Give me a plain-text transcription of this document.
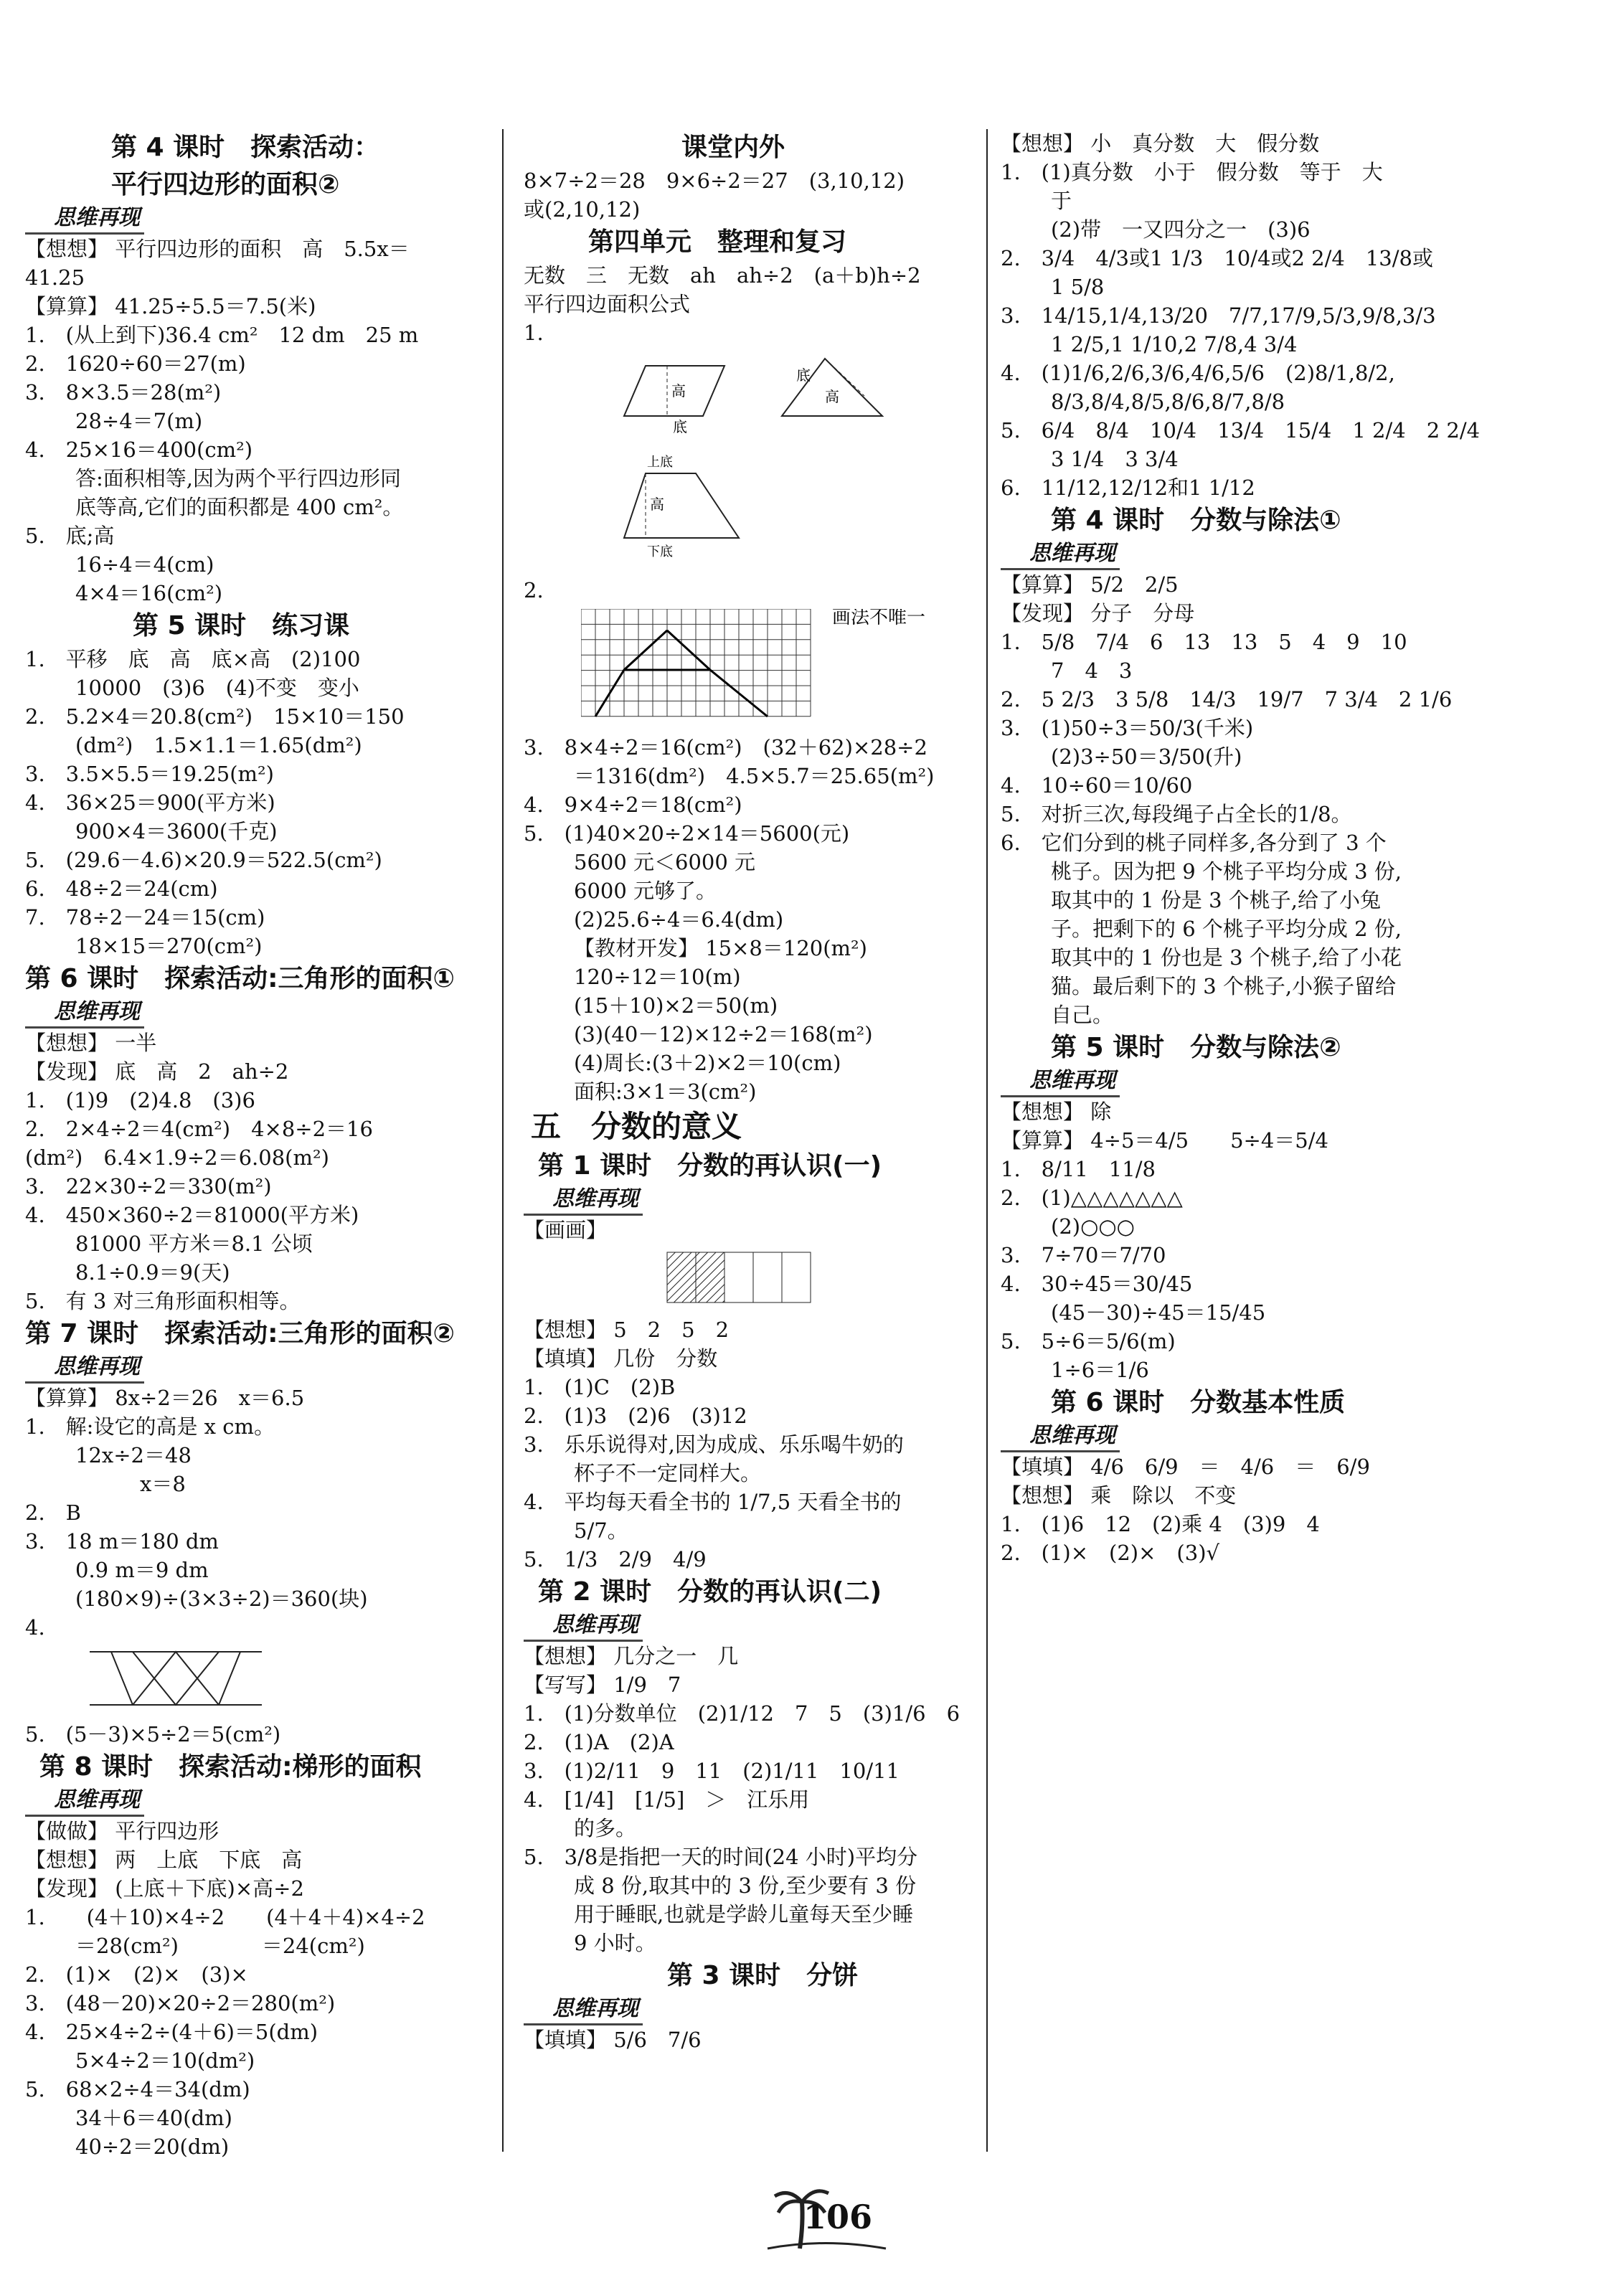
第 4 课时　探索活动：
平行四边形的面积②
思维再现
【想想】 平行四边形的面积　高　5.5x＝
41.25
【算算】 41.25÷5.5＝7.5(米)
1.　(从上到下)36.4 cm²　12 dm　25 m
2.　1620÷60＝27(m)
3.　8×3.5＝28(m²)
28÷4＝7(m)
4.　25×16＝400(cm²)
答:面积相等,因为两个平行四边形同
底等高,它们的面积都是 400 cm²。
5.　底;高
16÷4＝4(cm)
4×4＝16(cm²)
第 5 课时　练习课
1.　平移　底　高　底×高　(2)100
10000　(3)6　(4)不变　变小
2.　5.2×4＝20.8(cm²)　15×10＝150
(dm²)　1.5×1.1＝1.65(dm²)
3.　3.5×5.5＝19.25(m²)
4.　36×25＝900(平方米)
900×4＝3600(千克)
5.　(29.6－4.6)×20.9＝522.5(cm²)
6.　48÷2＝24(cm)
7.　78÷2－24＝15(cm)
18×15＝270(cm²)
第 6 课时　探索活动:三角形的面积①
思维再现
【想想】 一半
【发现】 底　高　2　ah÷2
1.　(1)9　(2)4.8　(3)6
2.　2×4÷2＝4(cm²)　4×8÷2＝16
(dm²)　6.4×1.9÷2＝6.08(m²)
3.　22×30÷2＝330(m²)
4.　450×360÷2＝81000(平方米)
81000 平方米＝8.1 公顷
8.1÷0.9＝9(天)
5.　有 3 对三角形面积相等。
第 7 课时　探索活动:三角形的面积②
思维再现
【算算】 8x÷2＝26　x＝6.5
1.　解:设它的高是 x cm。
12x÷2＝48
x＝8
2.　B
3.　18 m＝180 dm
0.9 m＝9 dm
(180×9)÷(3×3÷2)＝360(块)
4.
5.　(5－3)×5÷2＝5(cm²)
第 8 课时　探索活动:梯形的面积
思维再现
【做做】 平行四边形
【想想】 两　上底　下底　高
【发现】 (上底＋下底)×高÷2
1.　　(4＋10)×4÷2　　(4＋4＋4)×4÷2
＝28(cm²)　　　　＝24(cm²)
2.　(1)×　(2)×　(3)×
3.　(48－20)×20÷2＝280(m²)
4.　25×4÷2÷(4＋6)＝5(dm)
5×4÷2＝10(dm²)
5.　68×2÷4＝34(dm)
34＋6＝40(dm)
40÷2＝20(dm)
课堂内外
8×7÷2＝28　9×6÷2＝27　(3,10,12)
或(2,10,12)
第四单元　整理和复习
无数　三　无数　ah　ah÷2　(a＋b)h÷2
平行四边面积公式
1.
高
底
高
底
上底
高
下底
2.
画法不唯一
3.　8×4÷2＝16(cm²)　(32＋62)×28÷2
＝1316(dm²)　4.5×5.7＝25.65(m²)
4.　9×4÷2＝18(cm²)
5.　(1)40×20÷2×14＝5600(元)
5600 元＜6000 元
6000 元够了。
(2)25.6÷4＝6.4(dm)
【教材开发】 15×8＝120(m²)
120÷12＝10(m)
(15＋10)×2＝50(m)
(3)(40－12)×12÷2＝168(m²)
(4)周长:(3＋2)×2＝10(cm)
面积:3×1＝3(cm²)
五　分数的意义
第 1 课时　分数的再认识(一)
思维再现
【画画】
【想想】 5　2　5　2
【填填】 几份　分数
1.　(1)C　(2)B
2.　(1)3　(2)6　(3)12
3.　乐乐说得对,因为成成、乐乐喝牛奶的
杯子不一定同样大。
4.　平均每天看全书的 1/7,5 天看全书的
5/7。
5.　1/3　2/9　4/9
第 2 课时　分数的再认识(二)
思维再现
【想想】 几分之一　几
【写写】 1/9　7
1.　(1)分数单位　(2)1/12　7　5　(3)1/6　6
2.　(1)A　(2)A
3.　(1)2/11　9　11　(2)1/11　10/11
4.　[1/4]　[1/5]　＞　江乐用
的多。
5.　3/8是指把一天的时间(24 小时)平均分
成 8 份,取其中的 3 份,至少要有 3 份
用于睡眠,也就是学龄儿童每天至少睡
9 小时。
第 3 课时　分饼
思维再现
【填填】 5/6　7/6
【想想】 小　真分数　大　假分数
1.　(1)真分数　小于　假分数　等于　大
于
(2)带　一又四分之一　(3)6
2.　3/4　4/3或1 1/3　10/4或2 2/4　13/8或
1 5/8
3.　14/15,1/4,13/20　7/7,17/9,5/3,9/8,3/3
1 2/5,1 1/10,2 7/8,4 3/4
4.　(1)1/6,2/6,3/6,4/6,5/6　(2)8/1,8/2,
8/3,8/4,8/5,8/6,8/7,8/8
5.　6/4　8/4　10/4　13/4　15/4　1 2/4　2 2/4
3 1/4　3 3/4
6.　11/12,12/12和1 1/12
第 4 课时　分数与除法①
思维再现
【算算】 5/2　2/5
【发现】 分子　分母
1.　5/8　7/4　6　13　13　5　4　9　10
7　4　3
2.　5 2/3　3 5/8　14/3　19/7　7 3/4　2 1/6
3.　(1)50÷3＝50/3(千米)
(2)3÷50＝3/50(升)
4.　10÷60＝10/60
5.　对折三次,每段绳子占全长的1/8。
6.　它们分到的桃子同样多,各分到了 3 个
桃子。因为把 9 个桃子平均分成 3 份,
取其中的 1 份是 3 个桃子,给了小兔
子。把剩下的 6 个桃子平均分成 2 份,
取其中的 1 份也是 3 个桃子,给了小花
猫。最后剩下的 3 个桃子,小猴子留给
自己。
第 5 课时　分数与除法②
思维再现
【想想】 除
【算算】 4÷5＝4/5　　5÷4＝5/4
1.　8/11　11/8
2.　(1)△△△△△△△
(2)○○○
3.　7÷70＝7/70
4.　30÷45＝30/45
(45－30)÷45＝15/45
5.　5÷6＝5/6(m)
1÷6＝1/6
第 6 课时　分数基本性质
思维再现
【填填】 4/6　6/9　＝　4/6　＝　6/9
【想想】 乘　除以　不变
1.　(1)6　12　(2)乘 4　(3)9　4
2.　(1)×　(2)×　(3)√
106
